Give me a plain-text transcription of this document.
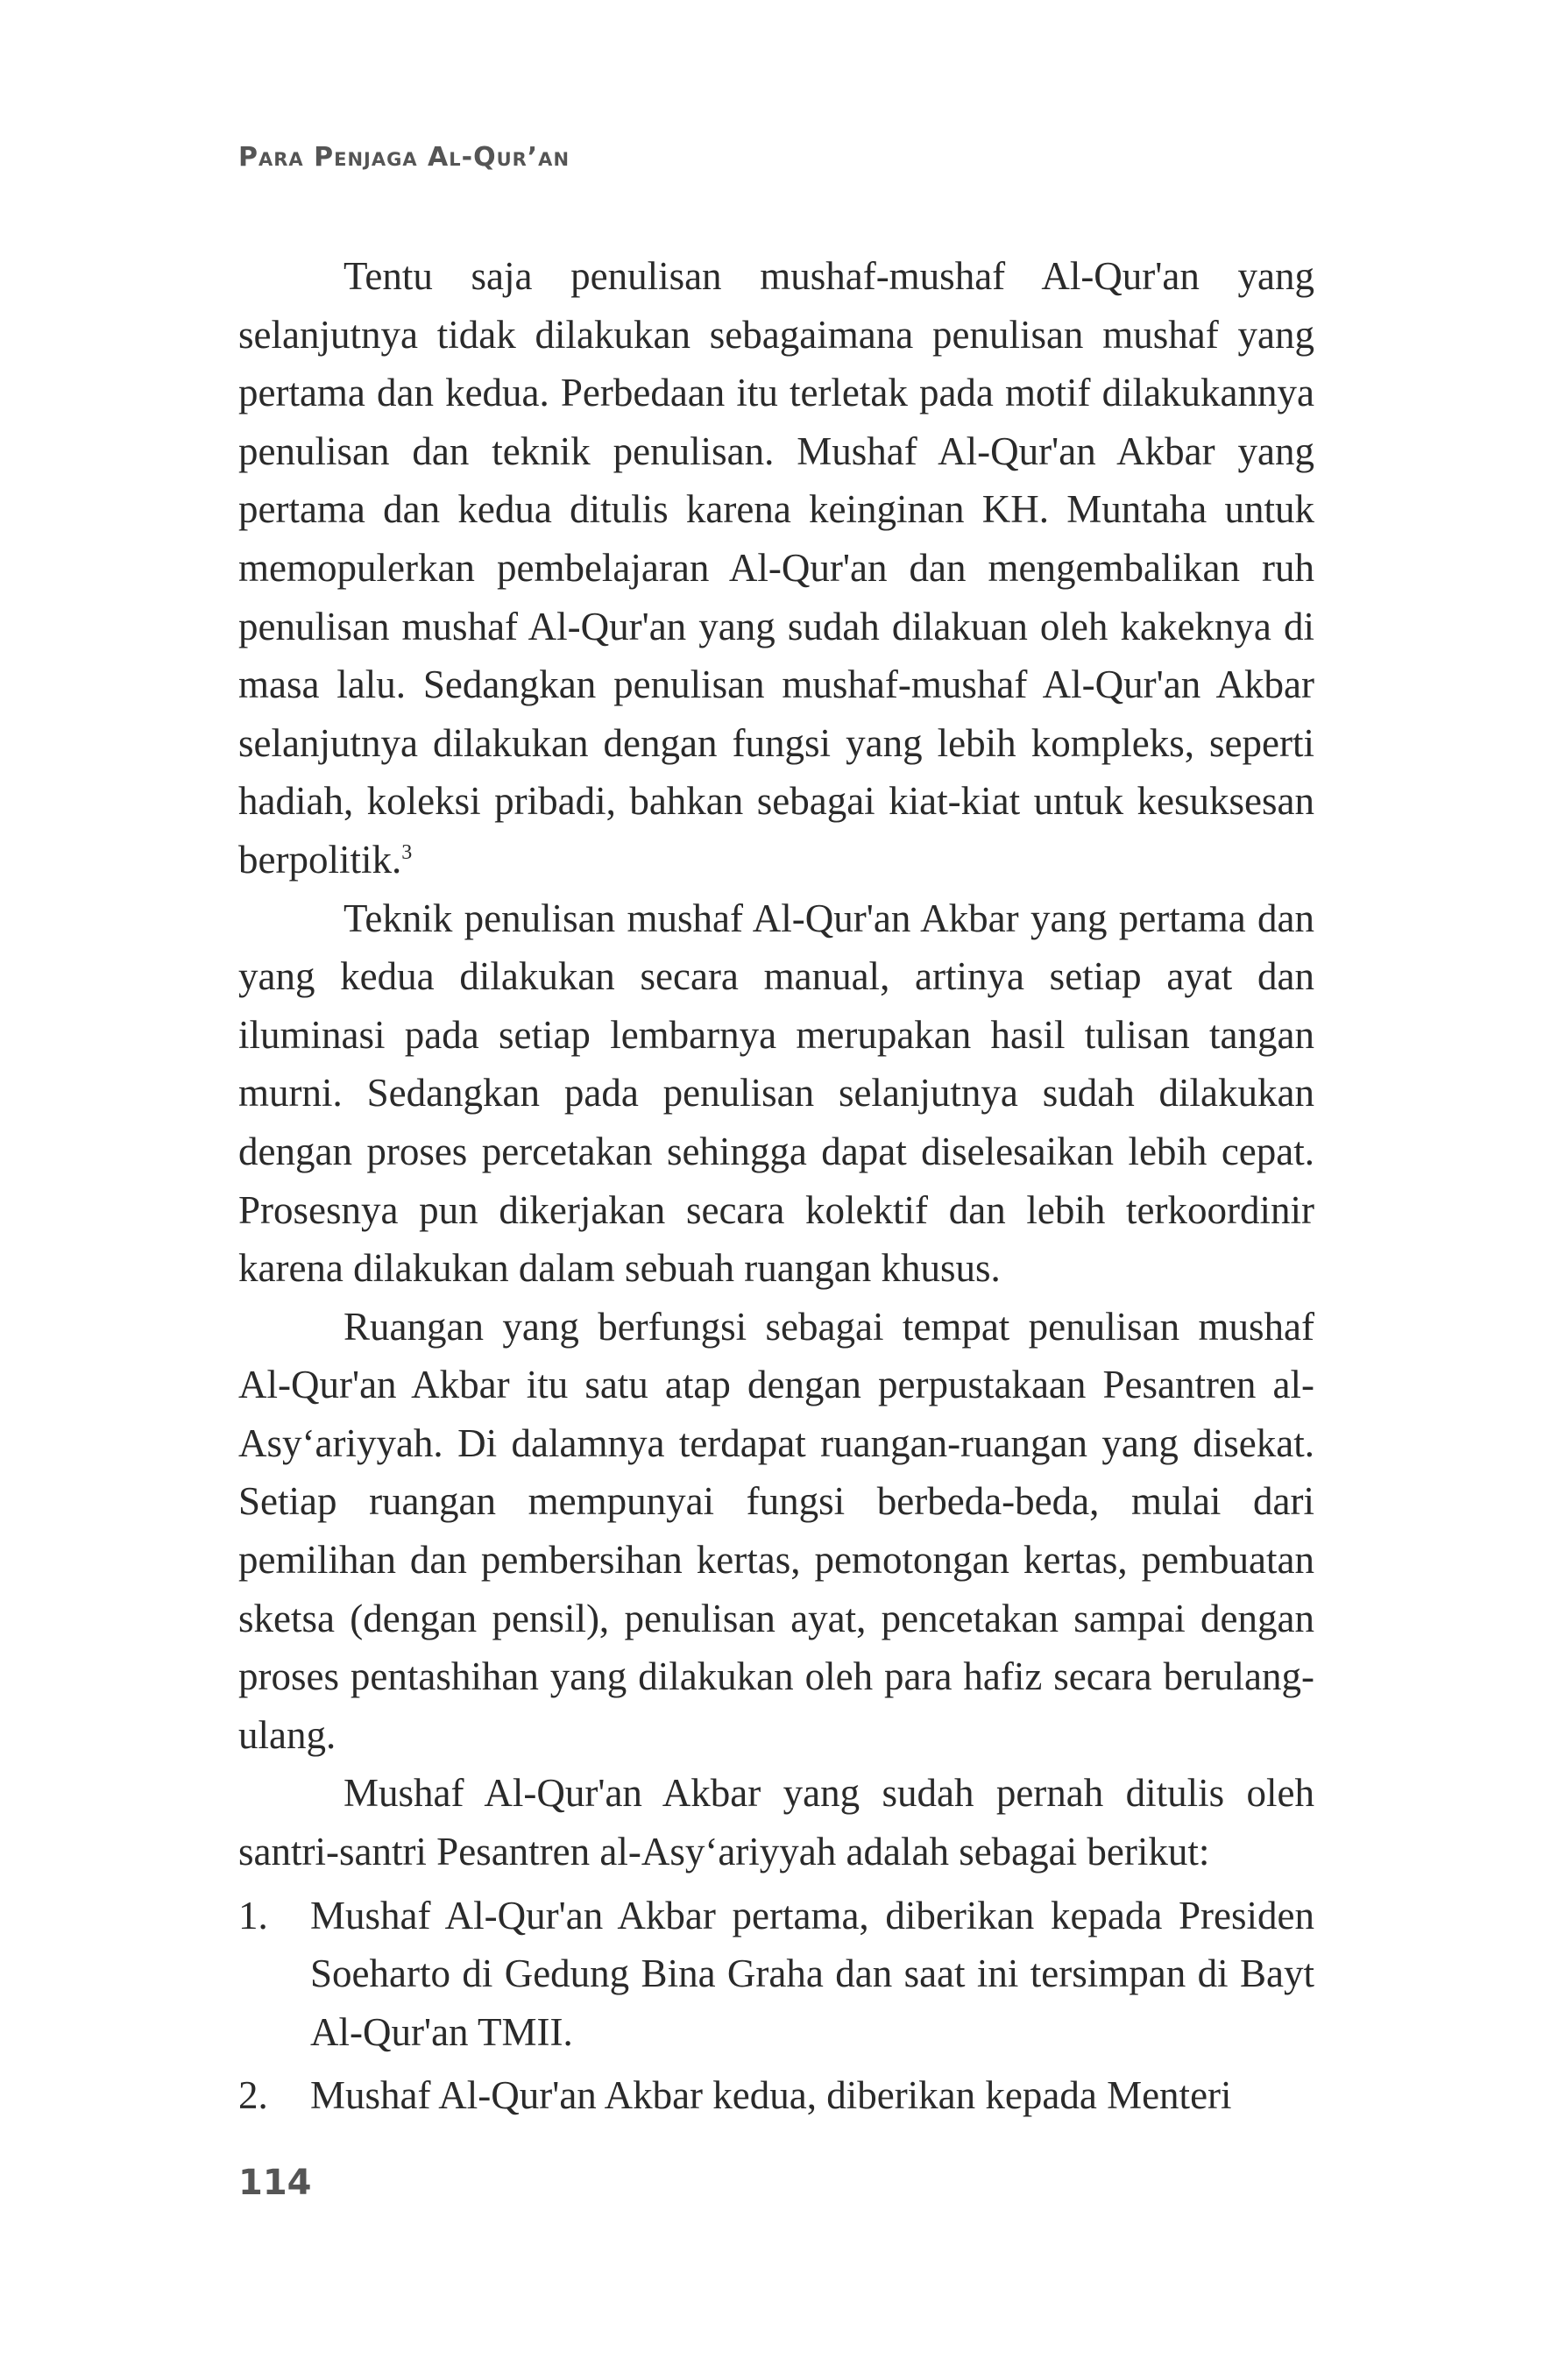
Para Penjaga Al-Qur’an

Tentu saja penulisan mushaf-mushaf Al-Qur'an yang selanjutnya tidak dilakukan sebagaimana penulisan mushaf yang pertama dan kedua. Perbedaan itu terletak pada motif dilakukannya penulisan dan teknik penulisan. Mushaf Al-Qur'an Akbar yang pertama dan kedua ditulis karena keinginan KH. Muntaha untuk memopulerkan pembelajaran Al-Qur'an dan mengembalikan ruh penulisan mushaf Al-Qur'an yang sudah dilakuan oleh kakeknya di masa lalu. Sedangkan penulisan mushaf-mushaf Al-Qur'an Akbar selanjutnya dilakukan dengan fungsi yang lebih kompleks, seperti hadiah, koleksi pribadi, bahkan sebagai kiat-kiat untuk kesuksesan berpolitik.$^3$

Teknik penulisan mushaf Al-Qur'an Akbar yang pertama dan yang kedua dilakukan secara manual, artinya setiap ayat dan iluminasi pada setiap lembarnya merupakan hasil tulisan tangan murni. Sedangkan pada penulisan selanjutnya sudah dilakukan dengan proses percetakan sehingga dapat diselesaikan lebih cepat. Prosesnya pun dikerjakan secara kolektif dan lebih terkoordinir karena dilakukan dalam sebuah ruangan khusus.

Ruangan yang berfungsi sebagai tempat penulisan mushaf Al-Qur'an Akbar itu satu atap dengan perpustakaan Pesantren al-Asy‘ariyyah. Di dalamnya terdapat ruangan-ruangan yang disekat. Setiap ruangan mempunyai fungsi berbeda-beda, mulai dari pemilihan dan pembersihan kertas, pemotongan kertas, pembuatan sketsa (dengan pensil), penulisan ayat, pencetakan sampai dengan proses pentashihan yang dilakukan oleh para hafiz secara berulang-ulang.

Mushaf Al-Qur'an Akbar yang sudah pernah ditulis oleh santri-santri Pesantren al-Asy‘ariyyah adalah sebagai berikut:

1.	Mushaf Al-Qur'an Akbar pertama, diberikan kepada Presiden Soeharto di Gedung Bina Graha dan saat ini tersimpan di Bayt Al-Qur'an TMII.
2.	Mushaf Al-Qur'an Akbar kedua, diberikan kepada Menteri
114
